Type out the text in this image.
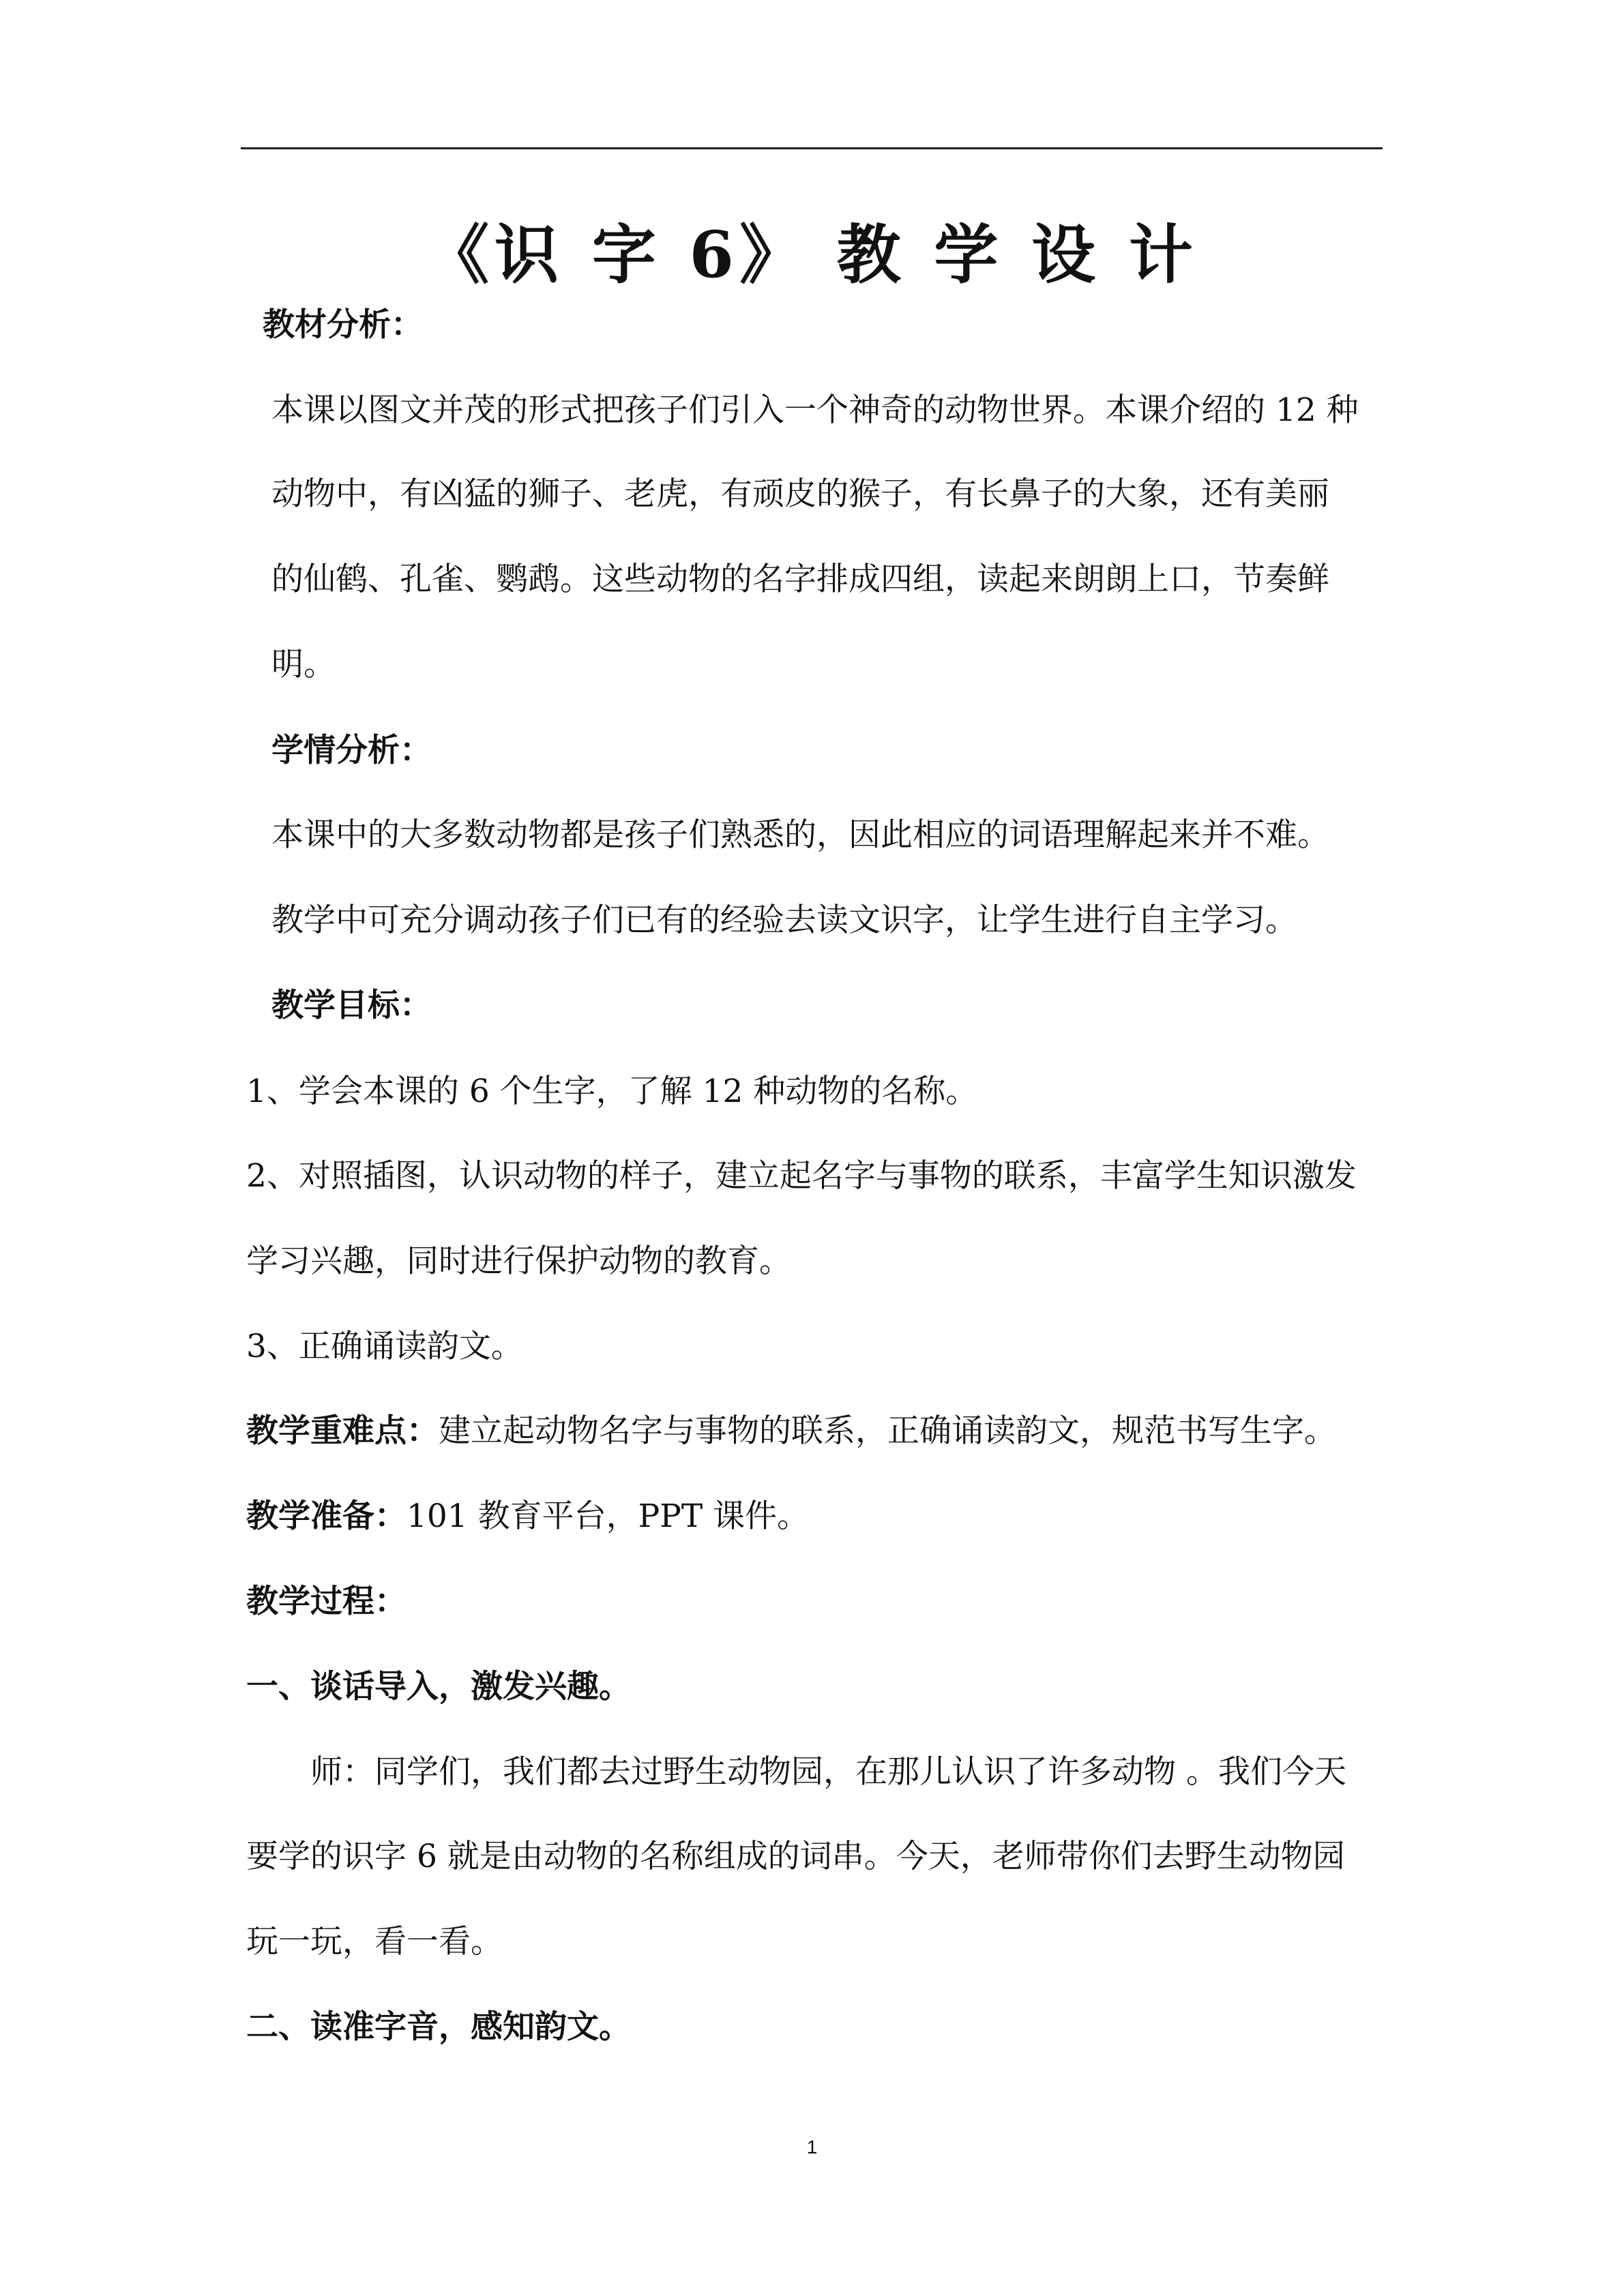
《识 字 6》 教 学 设 计

教材分析：

本课以图文并茂的形式把孩子们引入一个神奇的动物世界。本课介绍的 12 种

动物中，有凶猛的狮子、老虎，有顽皮的猴子，有长鼻子的大象，还有美丽

的仙鹤、孔雀、鹦鹉。这些动物的名字排成四组，读起来朗朗上口，节奏鲜

明。

学情分析：

本课中的大多数动物都是孩子们熟悉的，因此相应的词语理解起来并不难。

教学中可充分调动孩子们已有的经验去读文识字，让学生进行自主学习。

教学目标：

1、学会本课的 6 个生字，了解 12 种动物的名称。

2、对照插图，认识动物的样子，建立起名字与事物的联系，丰富学生知识激发

学习兴趣，同时进行保护动物的教育。

3、正确诵读韵文。

教学重难点：建立起动物名字与事物的联系，正确诵读韵文，规范书写生字。

教学准备：101 教育平台，PPT 课件。

教学过程：

一、谈话导入，激发兴趣。

师：同学们，我们都去过野生动物园，在那儿认识了许多动物 。我们今天

要学的识字 6 就是由动物的名称组成的词串。今天，老师带你们去野生动物园

玩一玩，看一看。

二、读准字音，感知韵文。

1
